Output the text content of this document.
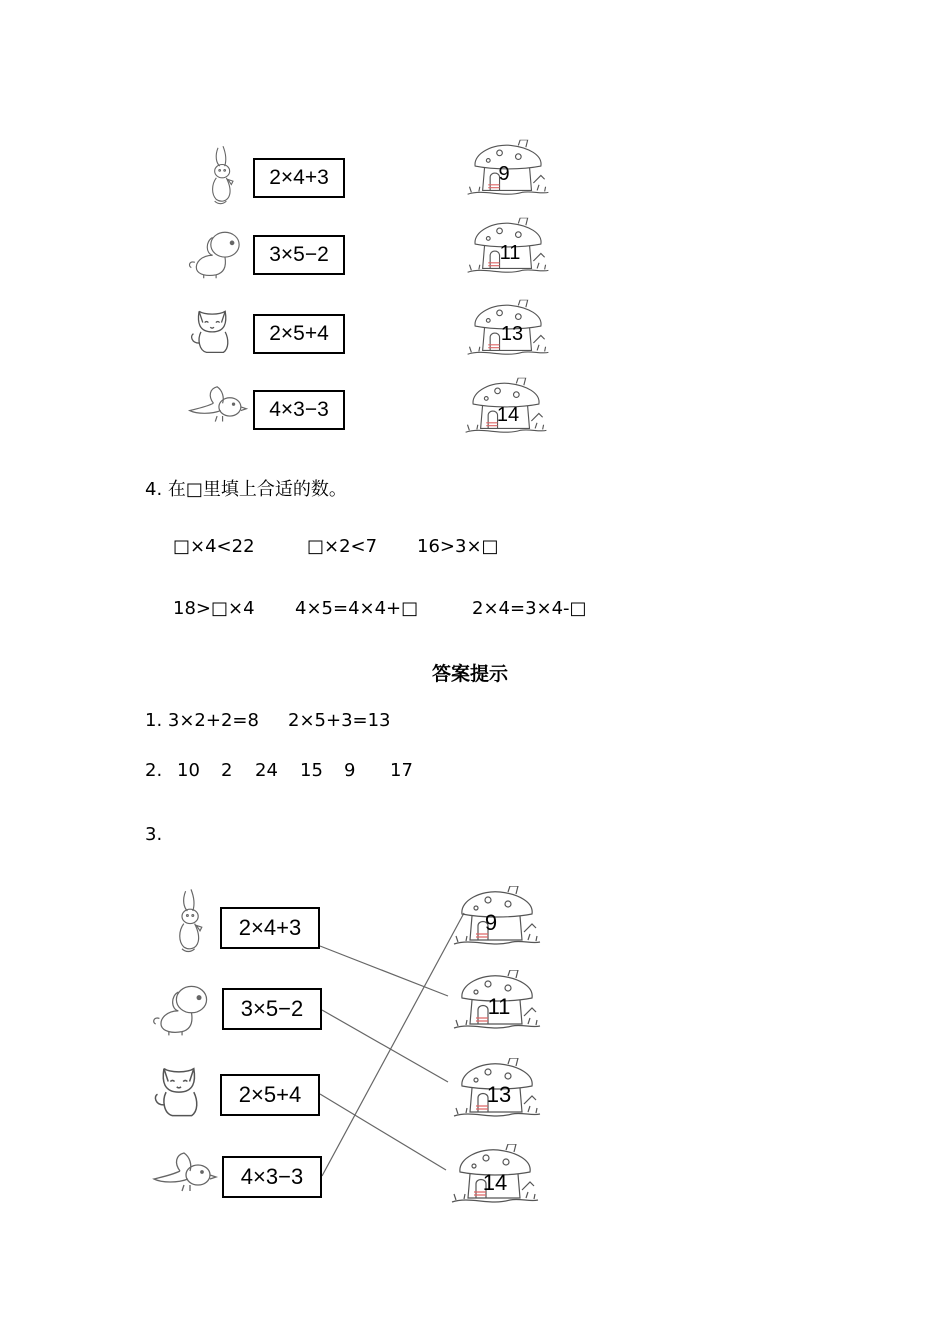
2×4+3
3×5−2
2×5+4
4×3−3
9
11
13
14
4. 在□里填上合适的数。
□×4<22	□×2<7 16>3×□
18>□×4 4×5=4×4+□	2×4=3×4-□
答案提示
1. 3×2+2=8 2×5+3=13
2. 10 2 24 15 9 17
3.
2×4+3
3×5−2
2×5+4
4×3−3
9
11
13
14
